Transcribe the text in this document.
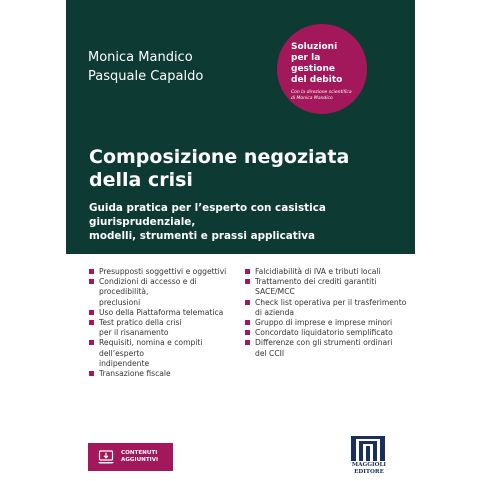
Monica Mandico
Pasquale Capaldo
Soluzioni
per la gestione
del debito
Con la direzione scientifica
di Monica Mandico
Composizione negoziata
della crisi
Guida pratica per l’esperto con casistica giurisprudenziale,
modelli, strumenti e prassi applicativa
Presupposti soggettivi e oggettivi
Condizioni di accesso e di procedibilità,
preclusioni
Uso della Piattaforma telematica
Test pratico della crisi
per il risanamento
Requisiti, nomina e compiti dell’esperto
indipendente
Transazione fiscale
Falcidiabilità di IVA e tributi locali
Trattamento dei crediti garantiti
SACE/MCC
Check list operativa per il trasferimento
di azienda
Gruppo di imprese e imprese minori
Concordato liquidatorio semplificato
Differenze con gli strumenti ordinari
del CCII
CONTENUTI
AGGIUNTIVI
MAGGIOLI
EDITORE
